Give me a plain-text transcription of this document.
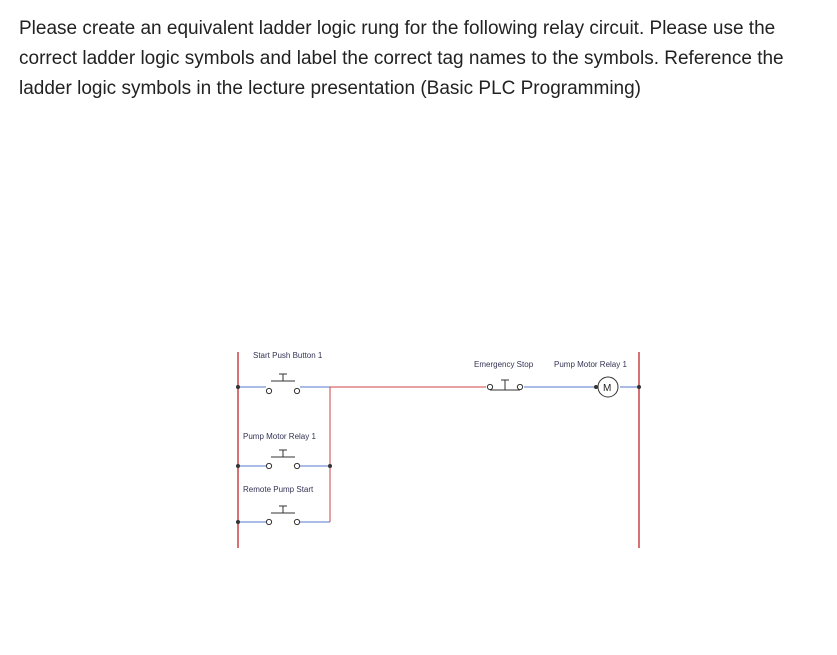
Please create an equivalent ladder logic rung for the following relay circuit. Please use the correct ladder logic symbols and label the correct tag names to the symbols. Reference the ladder logic symbols in the lecture presentation (Basic PLC Programming)

Start Push Button 1
Emergency Stop
M
Pump Motor Relay 1
Pump Motor Relay 1
Remote Pump Start
